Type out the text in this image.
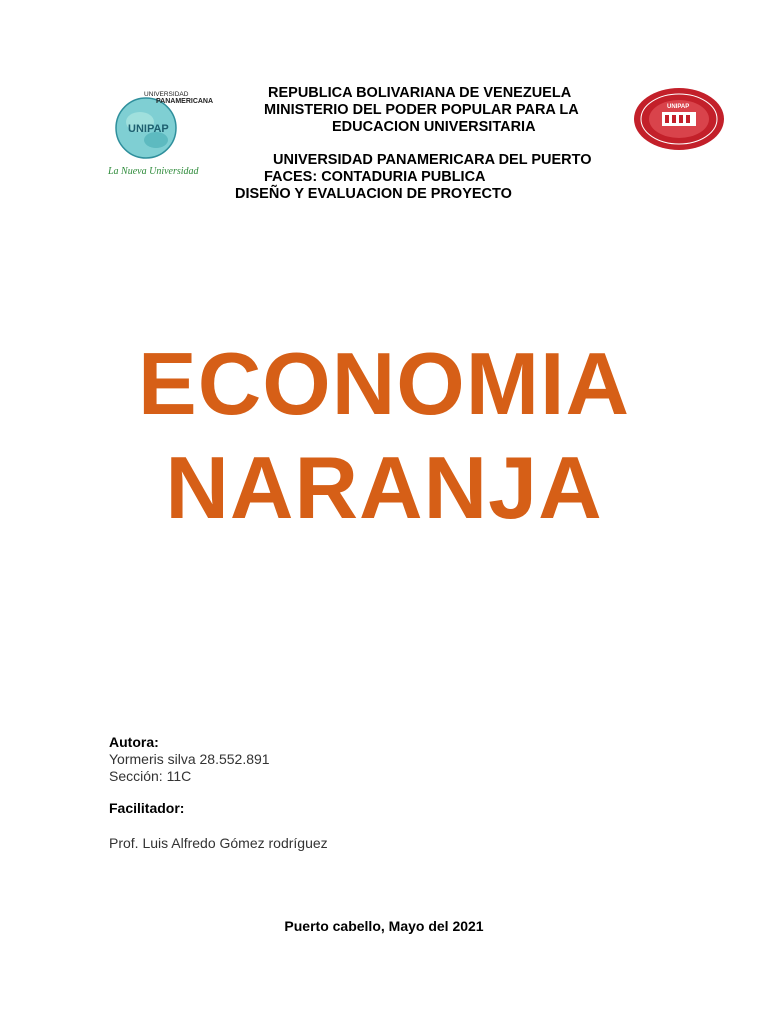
UNIVERSIDAD
PANAMERICANA
UNIPAP
La Nueva Universidad
UNIPAP
REPUBLICA BOLIVARIANA DE VENEZUELA
MINISTERIO DEL PODER POPULAR PARA LA
EDUCACION UNIVERSITARIA
UNIVERSIDAD PANAMERICARA DEL PUERTO
FACES: CONTADURIA PUBLICA
DISEÑO Y EVALUACION DE PROYECTO
ECONOMIA
NARANJA
Autora:
Yormeris silva 28.552.891
Sección: 11C
Facilitador:
Prof. Luis Alfredo Gómez rodríguez
Puerto cabello, Mayo del 2021
